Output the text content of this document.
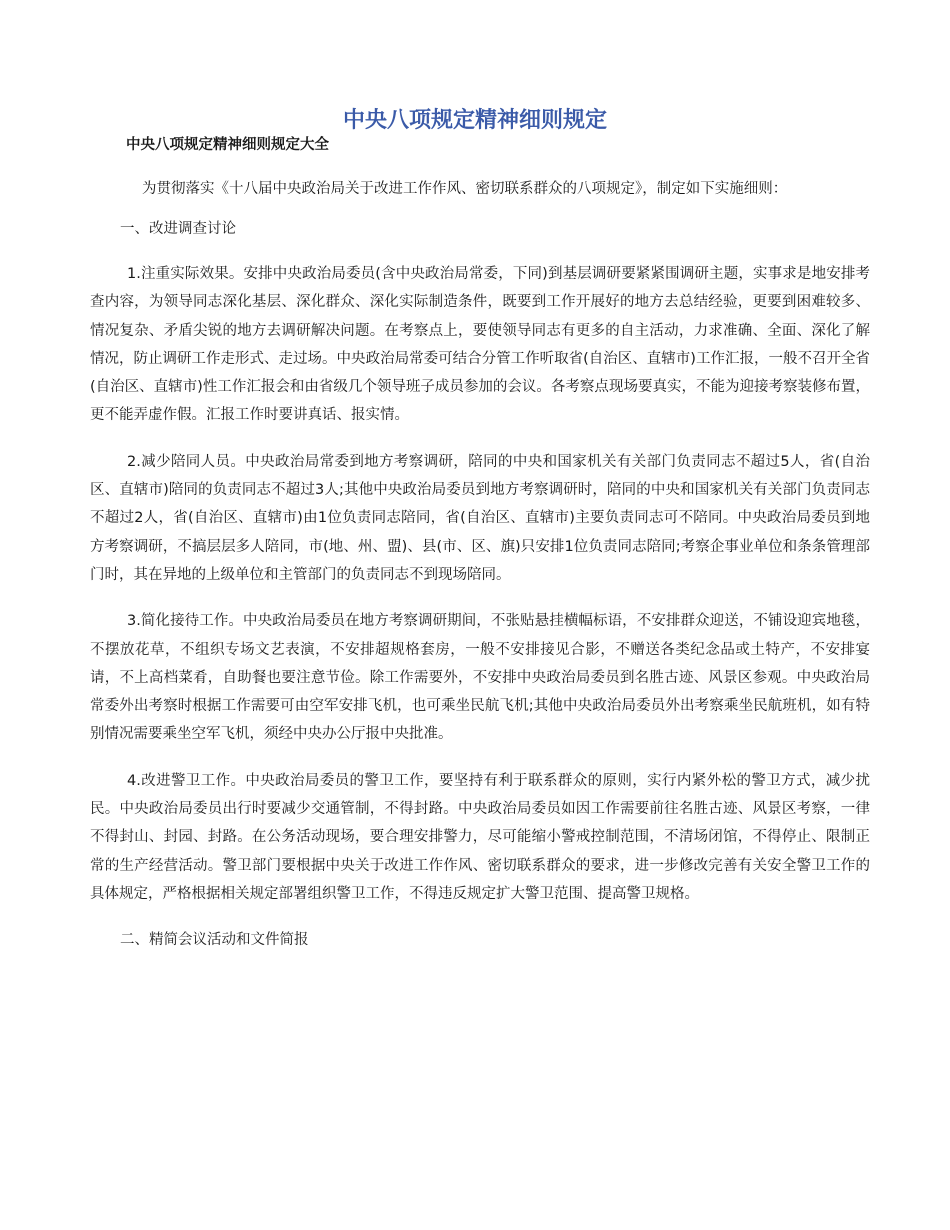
中央八项规定精神细则规定
中央八项规定精神细则规定大全

为贯彻落实《十八届中央政治局关于改进工作作风、密切联系群众的八项规定》，制定如下实施细则：

一、改进调查讨论

1.注重实际效果。安排中央政治局委员(含中央政治局常委，下同)到基层调研要紧紧围调研主题，实事求是地安排考查内容，为领导同志深化基层、深化群众、深化实际制造条件，既要到工作开展好的地方去总结经验，更要到困难较多、情况复杂、矛盾尖锐的地方去调研解决问题。在考察点上，要使领导同志有更多的自主活动，力求准确、全面、深化了解情况，防止调研工作走形式、走过场。中央政治局常委可结合分管工作听取省(自治区、直辖市)工作汇报，一般不召开全省(自治区、直辖市)性工作汇报会和由省级几个领导班子成员参加的会议。各考察点现场要真实，不能为迎接考察装修布置，更不能弄虚作假。汇报工作时要讲真话、报实情。

2.减少陪同人员。中央政治局常委到地方考察调研，陪同的中央和国家机关有关部门负责同志不超过5人，省(自治区、直辖市)陪同的负责同志不超过3人;其他中央政治局委员到地方考察调研时，陪同的中央和国家机关有关部门负责同志不超过2人，省(自治区、直辖市)由1位负责同志陪同，省(自治区、直辖市)主要负责同志可不陪同。中央政治局委员到地方考察调研，不搞层层多人陪同，市(地、州、盟)、县(市、区、旗)只安排1位负责同志陪同;考察企事业单位和条条管理部门时，其在异地的上级单位和主管部门的负责同志不到现场陪同。

3.简化接待工作。中央政治局委员在地方考察调研期间，不张贴悬挂横幅标语，不安排群众迎送，不铺设迎宾地毯，不摆放花草，不组织专场文艺表演，不安排超规格套房，一般不安排接见合影，不赠送各类纪念品或土特产，不安排宴请，不上高档菜肴，自助餐也要注意节俭。除工作需要外，不安排中央政治局委员到名胜古迹、风景区参观。中央政治局常委外出考察时根据工作需要可由空军安排飞机，也可乘坐民航飞机;其他中央政治局委员外出考察乘坐民航班机，如有特别情况需要乘坐空军飞机，须经中央办公厅报中央批准。

4.改进警卫工作。中央政治局委员的警卫工作，要坚持有利于联系群众的原则，实行内紧外松的警卫方式，减少扰民。中央政治局委员出行时要减少交通管制，不得封路。中央政治局委员如因工作需要前往名胜古迹、风景区考察，一律不得封山、封园、封路。在公务活动现场，要合理安排警力，尽可能缩小警戒控制范围，不清场闭馆，不得停止、限制正常的生产经营活动。警卫部门要根据中央关于改进工作作风、密切联系群众的要求，进一步修改完善有关安全警卫工作的具体规定，严格根据相关规定部署组织警卫工作，不得违反规定扩大警卫范围、提高警卫规格。

二、精简会议活动和文件简报
